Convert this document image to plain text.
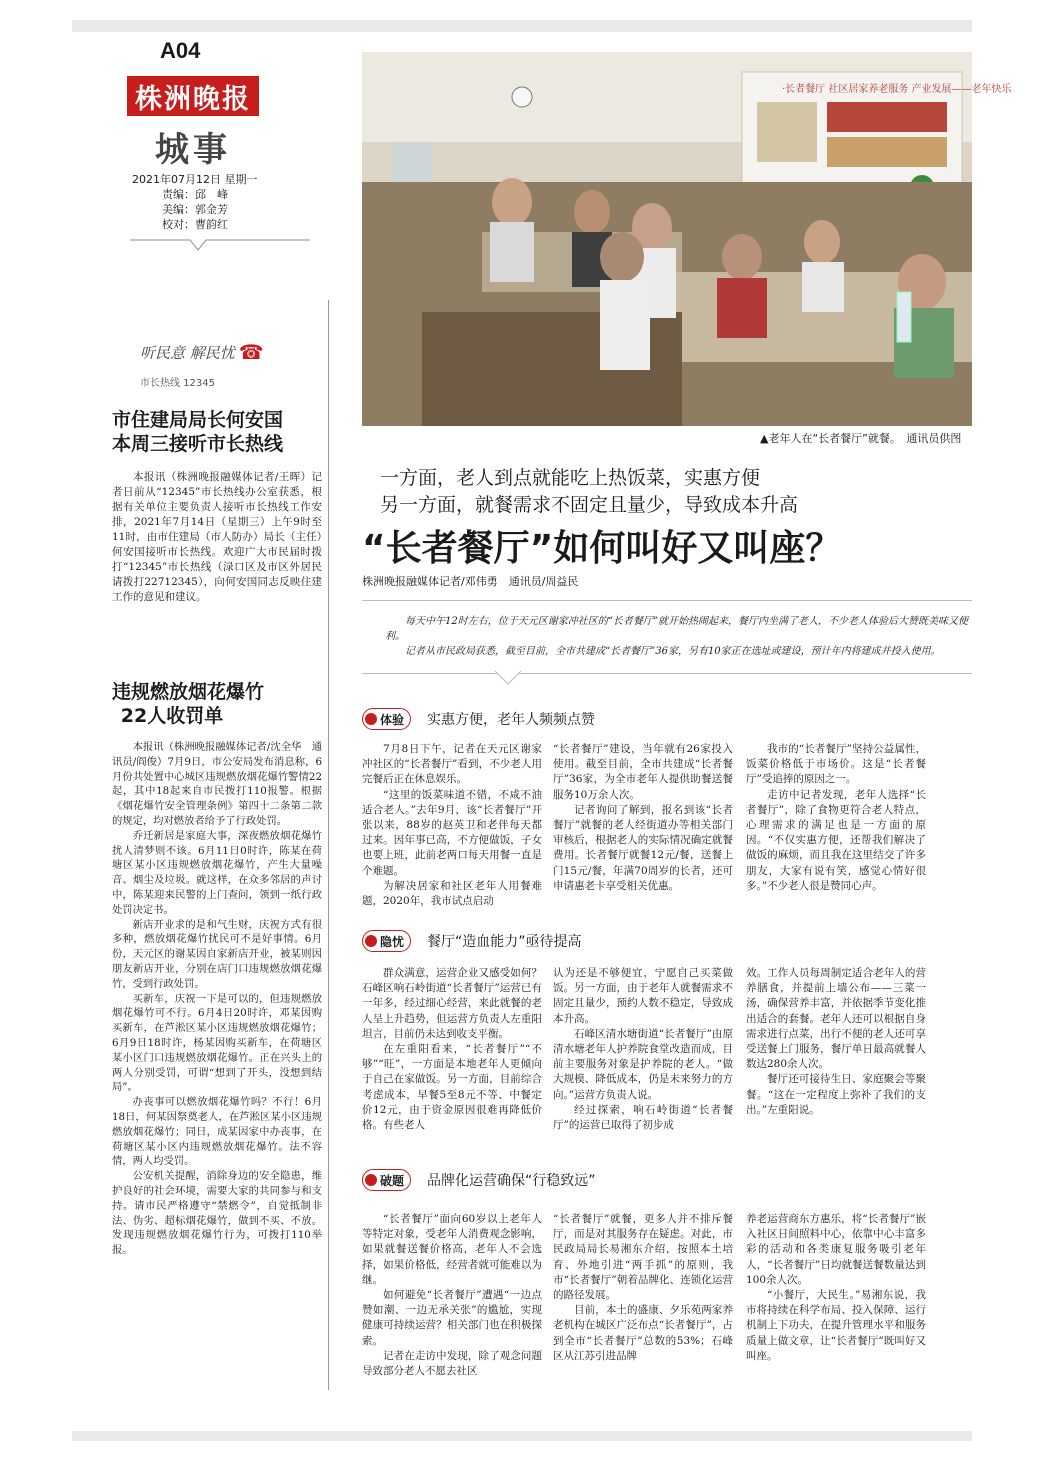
A04
株洲晚报
城事
2021年07月12日 星期一
责编：邱　峰
美编：郭金芳
校对：曹韵红
听民意 解民忧 ☎
市长热线 12345
市住建局局长何安国
本周三接听市长热线

本报讯（株洲晚报融媒体记者/王晖）记者日前从“12345”市长热线办公室获悉，根据有关单位主要负责人接听市长热线工作安排，2021年7月14日（星期三）上午9时至11时，由市住建局（市人防办）局长（主任）何安国接听市长热线。欢迎广大市民届时拨打“12345”市长热线（渌口区及市区外居民请拨打22712345），向何安国同志反映住建工作的意见和建议。

违规燃放烟花爆竹
22人收罚单

本报讯（株洲晚报融媒体记者/沈全华　通讯员/阎俊）7月9日，市公安局发布消息称，6月份共处置中心城区违规燃放烟花爆竹警情22起，其中18起来自市民拨打110报警。根据《烟花爆竹安全管理条例》第四十二条第二款的规定，均对燃放者给予了行政处罚。

乔迁新居是家庭大事，深夜燃放烟花爆竹扰人清梦则不该。6月11日0时许，陈某在荷塘区某小区违规燃放烟花爆竹，产生大量噪音、烟尘及垃圾。就这样，在众多邻居的声讨中，陈某迎来民警的上门查问，领到一纸行政处罚决定书。

新店开业求的是和气生财，庆祝方式有很多种，燃放烟花爆竹扰民可不是好事情。6月份，天元区的谢某因自家新店开业，被某则因朋友新店开业，分别在店门口违规燃放烟花爆竹，受到行政处罚。

买新车，庆祝一下是可以的，但违规燃放烟花爆竹可不行。6月4日20时许，邓某因购买新车，在芦淞区某小区违规燃放烟花爆竹；6月9日18时许，杨某因购买新车，在荷塘区某小区门口违规燃放烟花爆竹。正在兴头上的两人分别受罚，可谓“想到了开头，没想到结局”。

办丧事可以燃放烟花爆竹吗？不行！6月18日，何某因祭奠老人，在芦淞区某小区违规燃放烟花爆竹；同日，成某因家中办丧事，在荷塘区某小区内违规燃放烟花爆竹。法不容情，两人均受罚。

公安机关提醒，消除身边的安全隐患，维护良好的社会环境，需要大家的共同参与和支持。请市民严格遵守“禁燃令”，自觉抵制非法、伪劣、超标烟花爆竹，做到不买、不放。发现违规燃放烟花爆竹行为，可拨打110举报。

·长者餐厅 社区居家养老服务 产业发展——老年快乐
▲老年人在“长者餐厅”就餐。　通讯员供图
一方面，老人到点就能吃上热饭菜，实惠方便
另一方面，就餐需求不固定且量少，导致成本升高
“长者餐厅”如何叫好又叫座？
株洲晚报融媒体记者/邓伟勇　通讯员/周益民

每天中午12时左右，位于天元区谢家冲社区的“长者餐厅”就开始热闹起来，餐厅内坐满了老人，不少老人体验后大赞既美味又便利。

记者从市民政局获悉，截至目前，全市共建成“长者餐厅”36家，另有10家正在选址或建设，预计年内将建成并投入使用。

体验 实惠方便，老年人频频点赞

7月8日下午，记者在天元区谢家冲社区的“长者餐厅”看到，不少老人用完餐后正在休息娱乐。

“这里的饭菜味道不错，不咸不油适合老人。”去年9月，该“长者餐厅”开张以来，88岁的赵英卫和老伴每天都过来。因年事已高，不方便做饭，子女也要上班，此前老两口每天用餐一直是个难题。

为解决居家和社区老年人用餐难题，2020年，我市试点启动

“长者餐厅”建设，当年就有26家投入使用。截至目前，全市共建成“长者餐厅”36家，为全市老年人提供助餐送餐服务10万余人次。

记者询问了解到，报名到该“长者餐厅”就餐的老人经街道办等相关部门审核后，根据老人的实际情况确定就餐费用。长者餐厅就餐12元/餐，送餐上门15元/餐，年满70周岁的长者，还可申请惠老卡享受相关优惠。

我市的“长者餐厅”坚持公益属性，饭菜价格低于市场价。这是“长者餐厅”受追捧的原因之一。

走访中记者发现，老年人选择“长者餐厅”，除了食物更符合老人特点，心理需求的满足也是一方面的原因。“不仅实惠方便，还帮我们解决了做饭的麻烦，而且我在这里结交了许多朋友，大家有说有笑，感觉心情好很多。”不少老人很是赞同心声。

隐忧 餐厅“造血能力”亟待提高

群众满意，运营企业又感受如何？石峰区响石岭街道“长者餐厅”运营已有一年多，经过细心经营，来此就餐的老人呈上升趋势，但运营方负责人左重阳坦言，目前仍未达到收支平衡。

在左重阳看来，“长者餐厅”“不够”“旺”，一方面是本地老年人更倾向于自己在家做饭。另一方面，目前综合考虑成本，早餐5至8元不等、中餐定价12元，由于资金原因很难再降低价格。有些老人

认为还是不够便宜，宁愿自己买菜做饭。另一方面，由于老年人就餐需求不固定且量少，预约人数不稳定，导致成本升高。

石峰区清水塘街道“长者餐厅”由原清水塘老年人护养院食堂改造而成，目前主要服务对象是护养院的老人。“做大规模、降低成本，仍是未来努力的方向。”运营方负责人说。

经过探索，响石岭街道“长者餐厅”的运营已取得了初步成

效。工作人员每周制定适合老年人的营养膳食，并提前上墙公布——三菜一汤，确保营养丰富，并依据季节变化推出适合的套餐。老年人还可以根据自身需求进行点菜，出行不便的老人还可享受送餐上门服务，餐厅单日最高就餐人数达280余人次。

餐厅还可接待生日、家庭聚会等聚餐。“这在一定程度上弥补了我们的支出。”左重阳说。

破题 品牌化运营确保“行稳致远”

“长者餐厅”面向60岁以上老年人等特定对象，受老年人消费观念影响，如果就餐送餐价格高，老年人不会选择，如果价格低，经营者就可能难以为继。

如何避免“长者餐厅”遭遇“一边点赞如潮、一边无承关张”的尴尬，实现健康可持续运营？相关部门也在积极探索。

记者在走访中发现，除了观念问题导致部分老人不愿去社区

“长者餐厅”就餐，更多人并不排斥餐厅，而是对其服务存在疑虑。对此，市民政局局长易湘东介绍，按照本土培育、外地引进“两手抓”的原则，我市“长者餐厅”朝着品牌化、连锁化运营的路径发展。

目前，本土的盛康、夕乐苑两家养老机构在城区广泛布点“长者餐厅”，占到全市“长者餐厅”总数的53%；石峰区从江苏引进品牌

养老运营商东方惠乐，将“长者餐厅”嵌入社区日间照料中心，依靠中心丰富多彩的活动和各类康复服务吸引老年人，“长者餐厅”日均就餐送餐数量达到100余人次。

“小餐厅，大民生。”易湘东说，我市将持续在科学布局、投入保障、运行机制上下功夫，在提升管理水平和服务质量上做文章，让“长者餐厅”既叫好又叫座。
